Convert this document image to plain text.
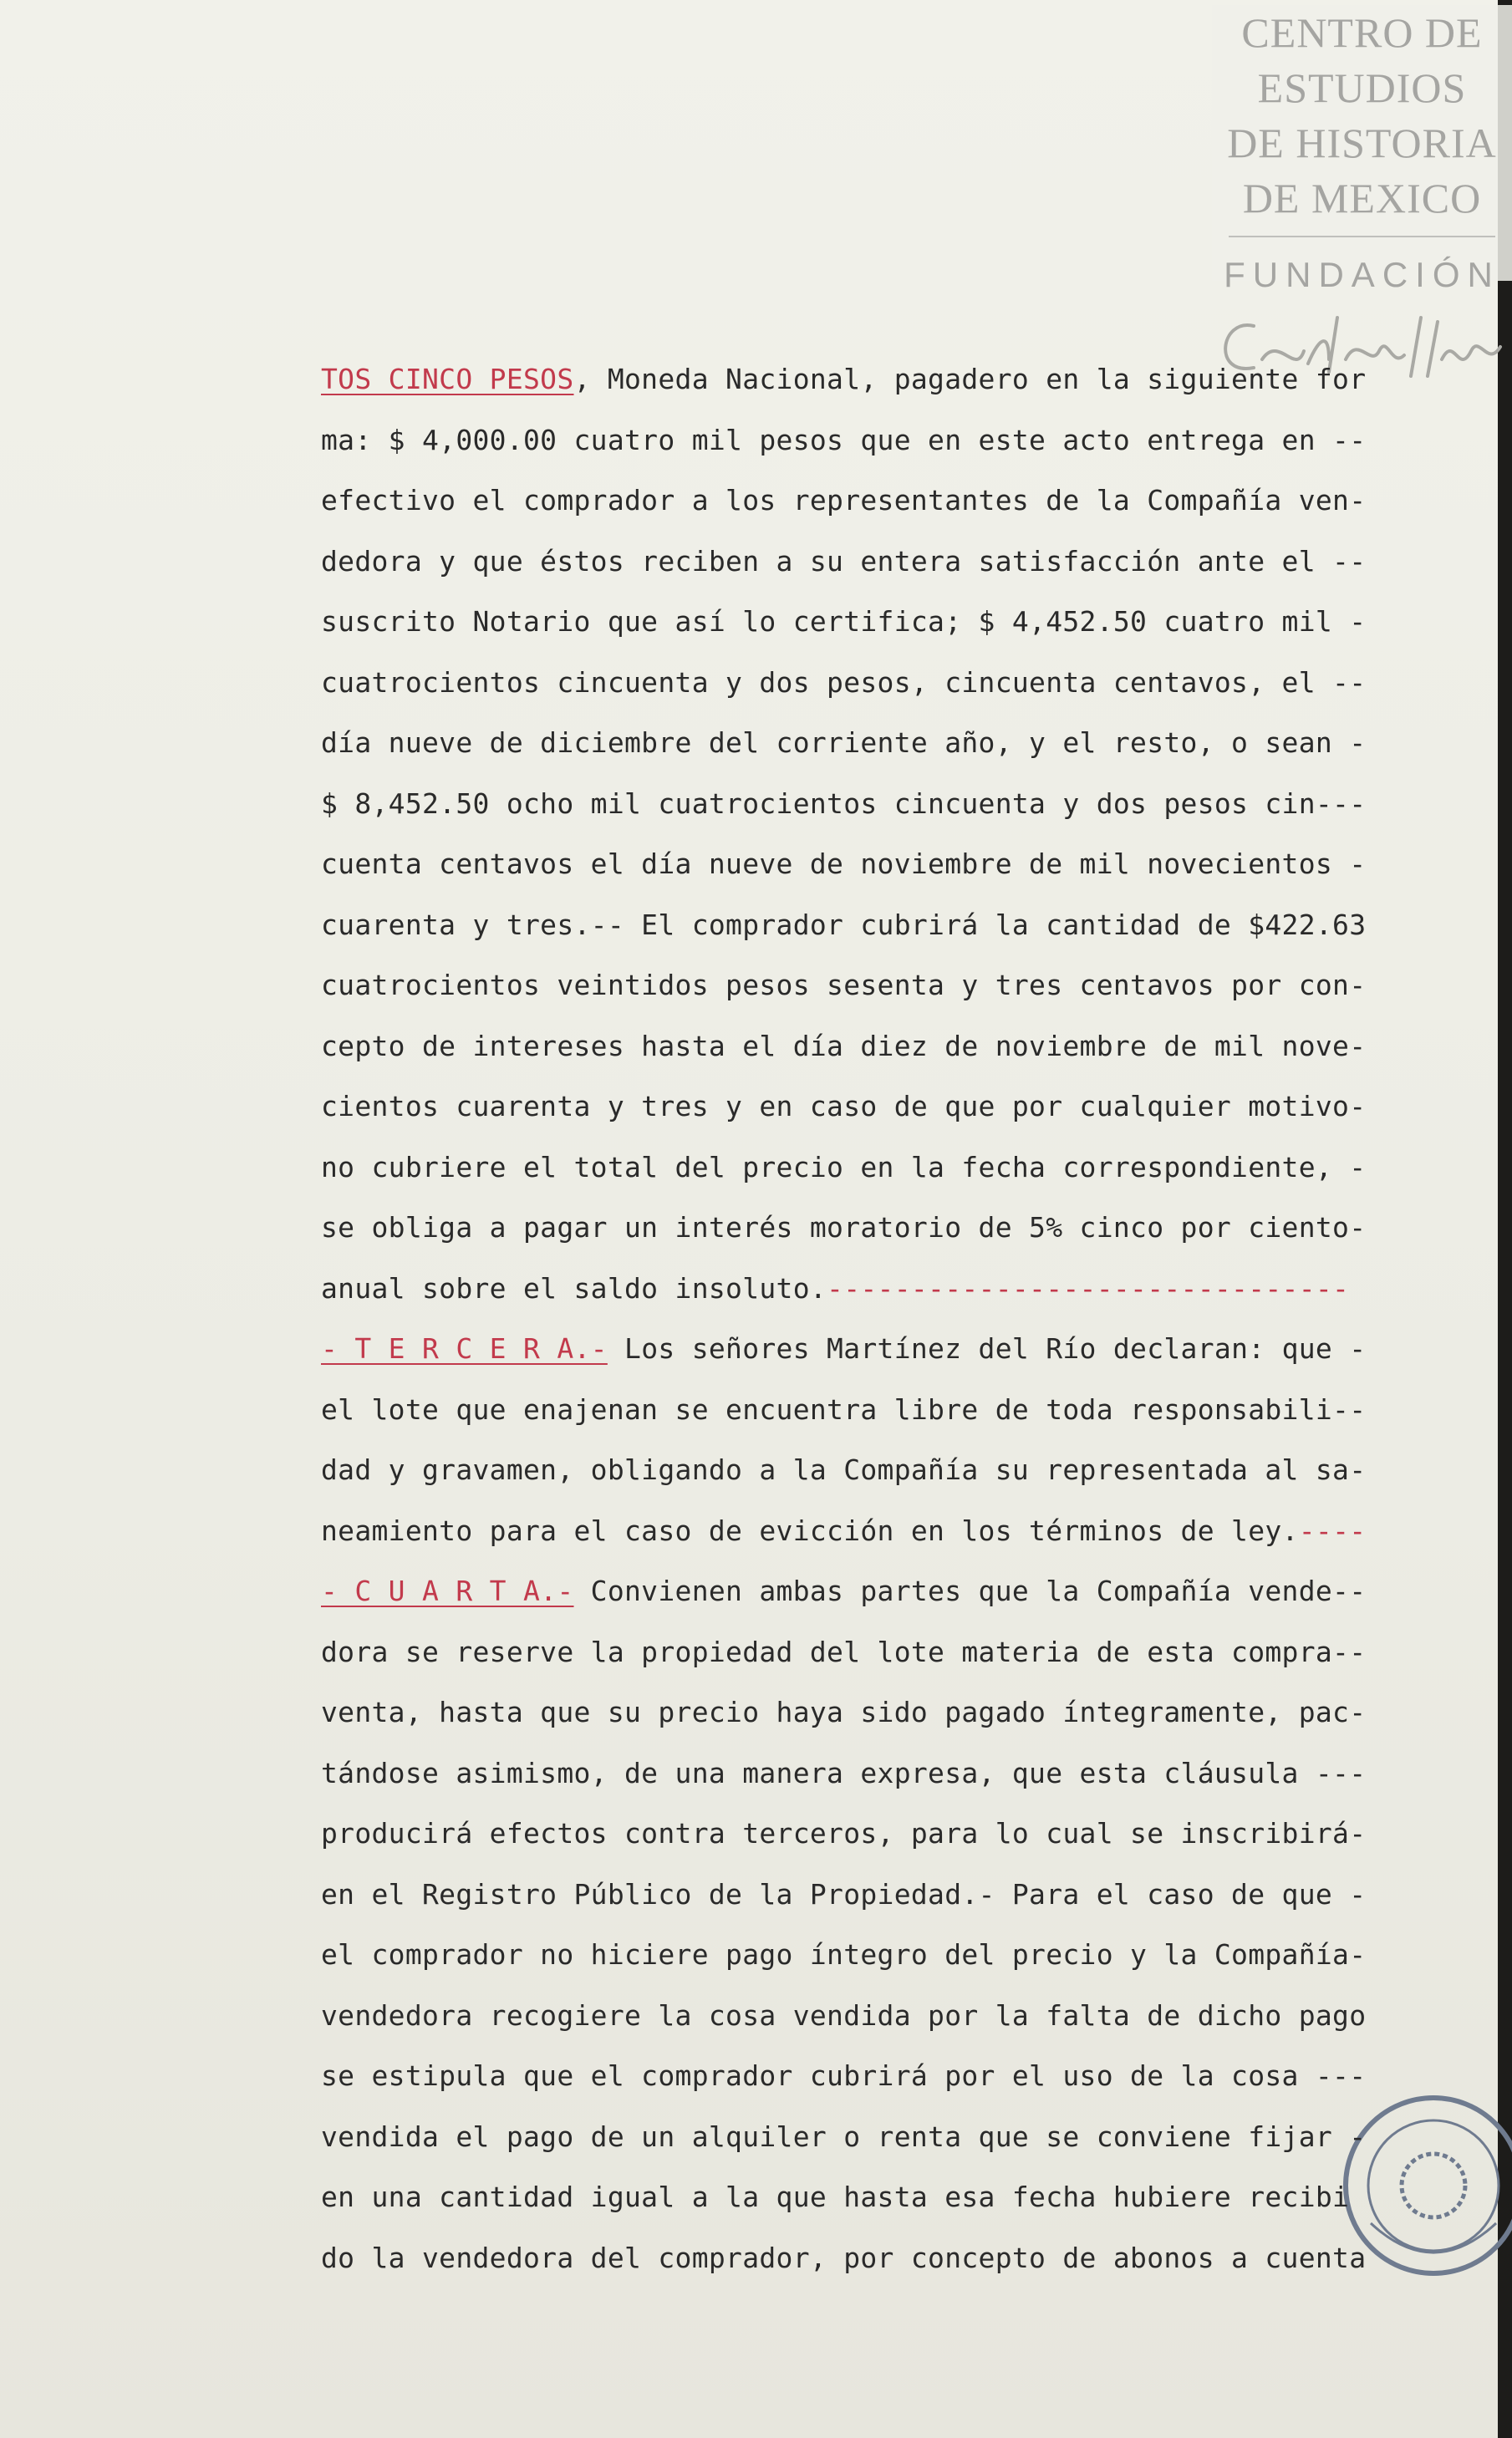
CENTRO DE
ESTUDIOS
DE HISTORIA
DE MEXICO
FUNDACIÓN
TOS CINCO PESOS, Moneda Nacional, pagadero en la siguiente for
ma: $ 4,000.00 cuatro mil pesos que en este acto entrega en --
efectivo el comprador a los representantes de la Compañía ven-
dedora y que éstos reciben a su entera satisfacción ante el --
suscrito Notario que así lo certifica; $ 4,452.50 cuatro mil -
cuatrocientos cincuenta y dos pesos, cincuenta centavos, el --
día nueve de diciembre del corriente año, y el resto, o sean -
$ 8,452.50 ocho mil cuatrocientos cincuenta y dos pesos cin---
cuenta centavos el día nueve de noviembre de mil novecientos -
cuarenta y tres.-- El comprador cubrirá la cantidad de $422.63
cuatrocientos veintidos pesos sesenta y tres centavos por con-
cepto de intereses hasta el día diez de noviembre de mil nove-
cientos cuarenta y tres y en caso de que por cualquier motivo-
no cubriere el total del precio en la fecha correspondiente, -
se obliga a pagar un interés moratorio de 5% cinco por ciento-
anual sobre el saldo insoluto.-------------------------------
- T E R C E R A.- Los señores Martínez del Río declaran: que -
el lote que enajenan se encuentra libre de toda responsabili--
dad y gravamen, obligando a la Compañía su representada al sa-
neamiento para el caso de evicción en los términos de ley.----
- C U A R T A.- Convienen ambas partes que la Compañía vende--
dora se reserve la propiedad del lote materia de esta compra--
venta, hasta que su precio haya sido pagado íntegramente, pac-
tándose asimismo, de una manera expresa, que esta cláusula ---
producirá efectos contra terceros, para lo cual se inscribirá-
en el Registro Público de la Propiedad.- Para el caso de que -
el comprador no hiciere pago íntegro del precio y la Compañía-
vendedora recogiere la cosa vendida por la falta de dicho pago
se estipula que el comprador cubrirá por el uso de la cosa ---
vendida el pago de un alquiler o renta que se conviene fijar -
en una cantidad igual a la que hasta esa fecha hubiere recibi
do la vendedora del comprador, por concepto de abonos a cuenta
